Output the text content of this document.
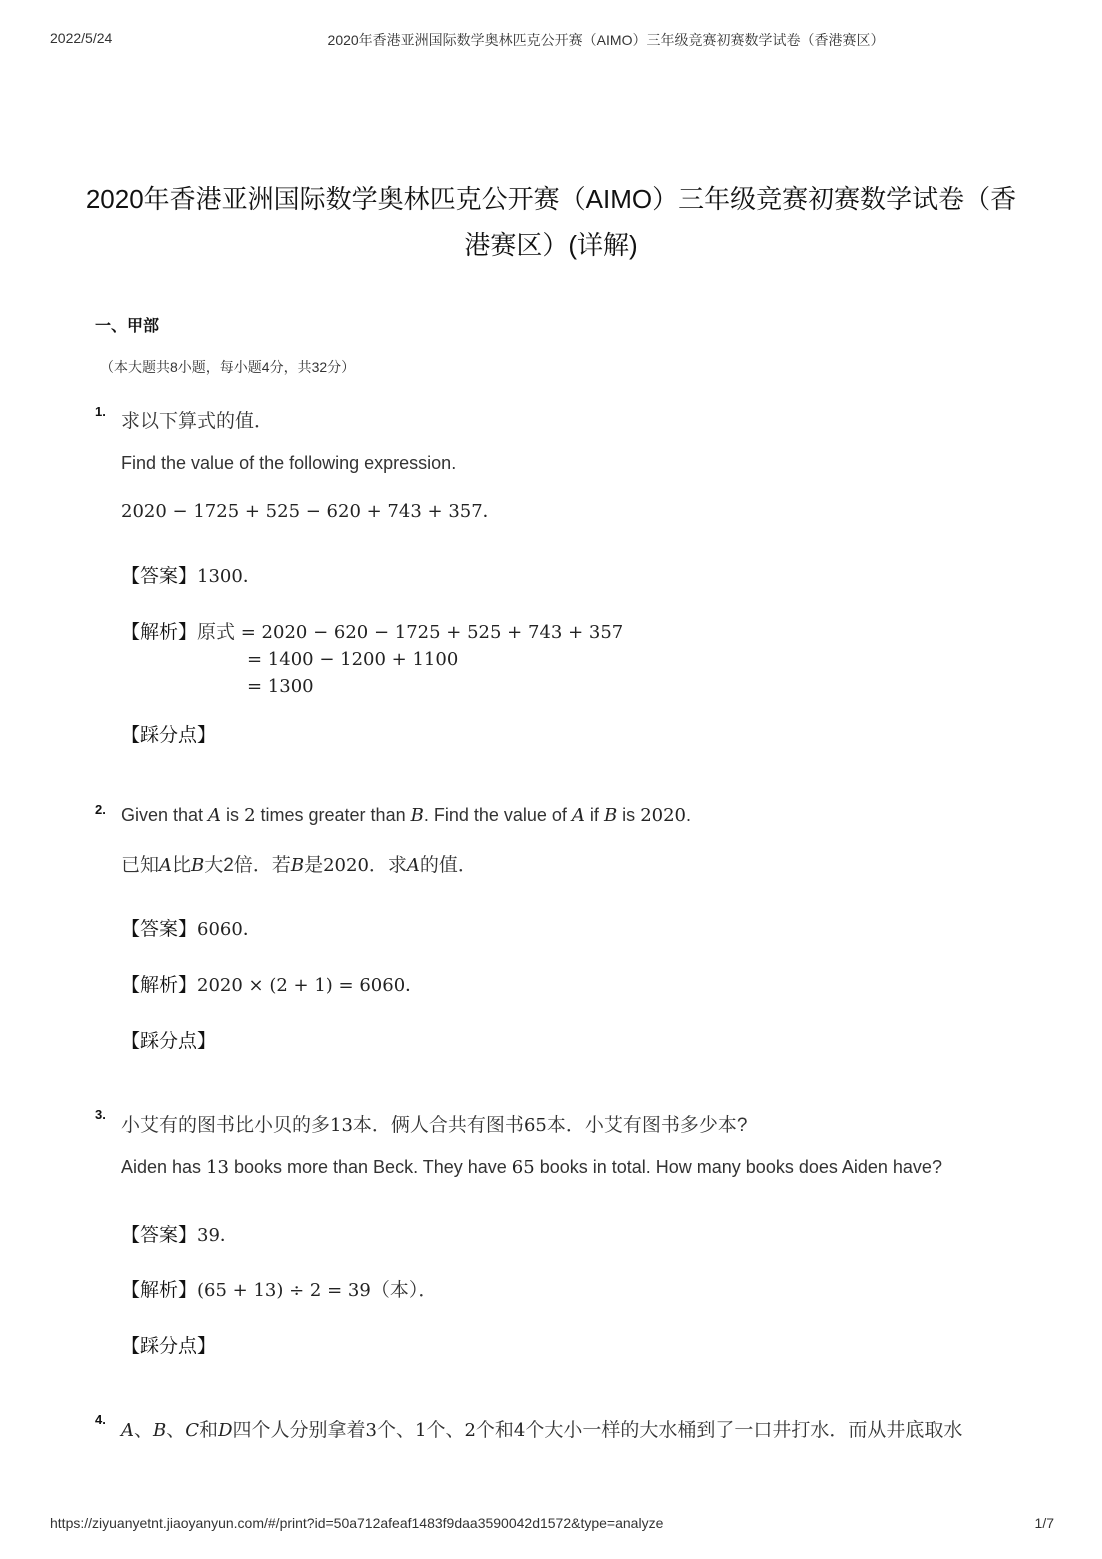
2022/5/24	2020年香港亚洲国际数学奥林匹克公开赛（AIMO）三年级竞赛初赛数学试卷（香港赛区）
2020年香港亚洲国际数学奥林匹克公开赛（AIMO）三年级竞赛初赛数学试卷（香
港赛区）(详解)
一、甲部
（本大题共8小题，每小题4分，共32分）
1. 求以下算式的值．
Find the value of the following expression.
2020 − 1725 + 525 − 620 + 743 + 357．
【答案】1300．
【解析】原式 = 2020 − 620 − 1725 + 525 + 743 + 357
= 1400 − 1200 + 1100
= 1300
【踩分点】
2. Given that A is 2 times greater than B. Find the value of A if B is 2020.
已知A比B大2倍．若B是2020．求A的值．
【答案】6060．
【解析】2020 × (2 + 1) = 6060．
【踩分点】
3.
小艾有的图书比小贝的多13本．俩人合共有图书65本．小艾有图书多少本?
Aiden has 13 books more than Beck. They have 65 books in total. How many books does Aiden have?
【答案】39．
【解析】(65 + 13) ÷ 2 = 39（本）．
【踩分点】
4.
A、B、C和D四个人分别拿着3个、1个、2个和4个大小一样的大水桶到了一口井打水．而从井底取水
https://ziyuanyetnt.jiaoyanyun.com/#/print?id=50a712afeaf1483f9daa3590042d1572&type=analyze	1/7
